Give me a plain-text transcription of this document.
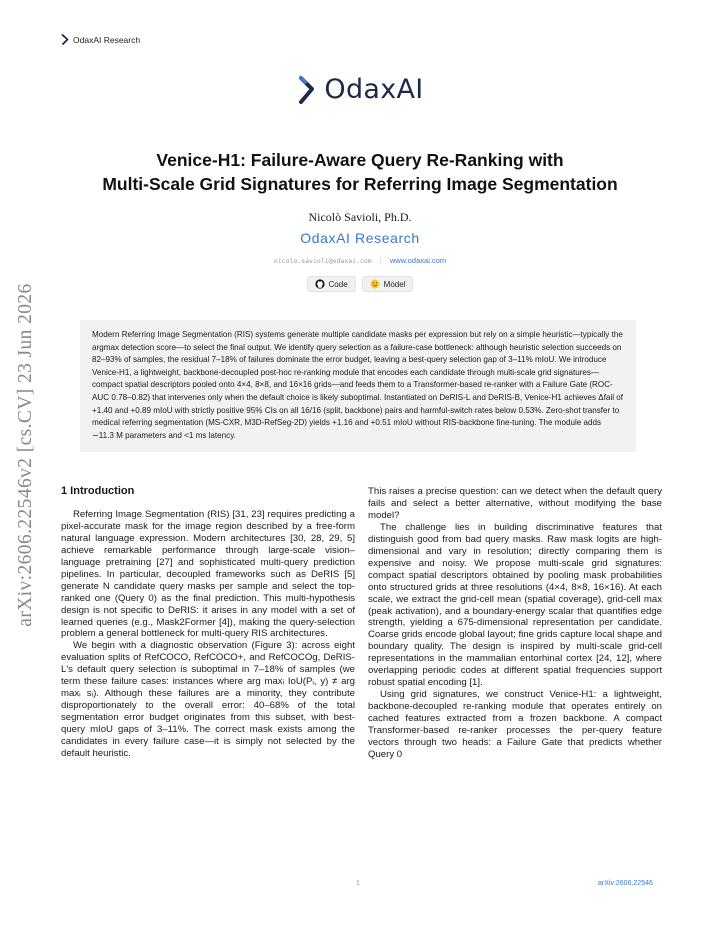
OdaxAI Research
OdaxAI
Venice-H1: Failure-Aware Query Re-Ranking with
Multi-Scale Grid Signatures for Referring Image Segmentation
Nicolò Savioli, Ph.D.
OdaxAI Research
nicolo.savioli@odaxai.com | www.odaxai.com
Code	Model
Modern Referring Image Segmentation (RIS) systems generate multiple candidate masks per expression but rely on a simple heuristic—typically the argmax detection score—to select the final output. We identify query selection as a failure-case bottleneck: although heuristic selection succeeds on 82–93% of samples, the residual 7–18% of failures dominate the error budget, leaving a best-query selection gap of 3–11% mIoU. We introduce Venice-H1, a lightweight, backbone-decoupled post-hoc re-ranking module that encodes each candidate through multi-scale grid signatures—compact spatial descriptors pooled onto 4×4, 8×8, and 16×16 grids—and feeds them to a Transformer-based re-ranker with a Failure Gate (ROC-AUC 0.78–0.82) that intervenes only when the default choice is likely suboptimal. Instantiated on DeRIS-L and DeRIS-B, Venice-H1 achieves Δfail of +1.40 and +0.89 mIoU with strictly positive 95% CIs on all 16/16 (split, backbone) pairs and harmful-switch rates below 0.53%. Zero-shot transfer to medical referring segmentation (MS-CXR, M3D-RefSeg-2D) yields +1.16 and +0.51 mIoU without RIS-backbone fine-tuning. The module adds ∼11.3 M parameters and <1 ms latency.
arXiv:2606.22546v2 [cs.CV] 23 Jun 2026 1 Introduction

Referring Image Segmentation (RIS) [31, 23] requires predicting a pixel-accurate mask for the image region described by a free-form natural language expression. Modern architectures [30, 28, 29, 5] achieve remarkable performance through large-scale vision–language pretraining [27] and sophisticated multi-query prediction pipelines. In particular, decoupled frameworks such as DeRIS [5] generate N candidate query masks per sample and select the top-ranked one (Query 0) as the final prediction. This multi-hypothesis design is not specific to DeRIS: it arises in any model with a set of learned queries (e.g., Mask2Former [4]), making the query-selection problem a general bottleneck for multi-query RIS architectures.

We begin with a diagnostic observation (Figure 3): across eight evaluation splits of RefCOCO, RefCOCO+, and RefCOCOg, DeRIS-L's default query selection is suboptimal in 7–18% of samples (we term these failure cases: instances where arg maxᵢ IoU(Pᵢ, y) ≠ arg maxᵢ sᵢ). Although these failures are a minority, they contribute disproportionately to the overall error: 40–68% of the total segmentation error budget originates from this subset, with best-query mIoU gaps of 3–11%. The correct mask exists among the candidates in every failure case—it is simply not selected by the default heuristic.

This raises a precise question: can we detect when the default query fails and select a better alternative, without modifying the base model?

The challenge lies in building discriminative features that distinguish good from bad query masks. Raw mask logits are high-dimensional and vary in resolution; directly comparing them is expensive and noisy. We propose multi-scale grid signatures: compact spatial descriptors obtained by pooling mask probabilities onto structured grids at three resolutions (4×4, 8×8, 16×16). At each scale, we extract the grid-cell mean (spatial coverage), grid-cell max (peak activation), and a boundary-energy scalar that quantifies edge strength, yielding a 675-dimensional representation per candidate. Coarse grids encode global layout; fine grids capture local shape and boundary quality. The design is inspired by multi-scale grid-cell representations in the mammalian entorhinal cortex [24, 12], where overlapping periodic codes at different spatial frequencies support robust spatial encoding [1].

Using grid signatures, we construct Venice-H1: a lightweight, backbone-decoupled re-ranking module that operates entirely on cached features extracted from a frozen backbone. A compact Transformer-based re-ranker processes the per-query feature vectors through two heads: a Failure Gate that predicts whether Query 0

1	arXiv:2606.22546
